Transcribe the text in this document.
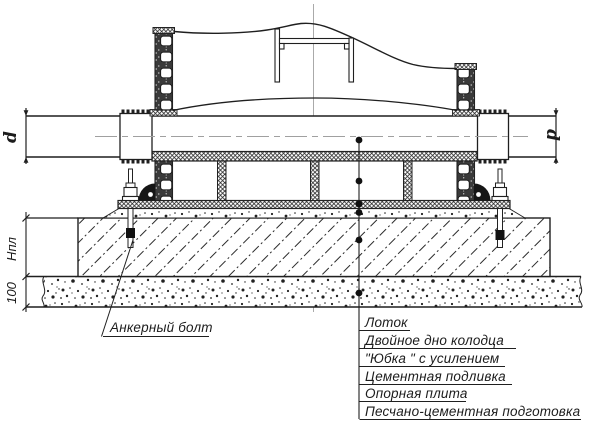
d	d
Нпл
100
Анкерный болт	Лоток
Двойное дно колодца
"Юбка " с усилением
Цементная подливка
Опорная плита
Песчано-цементная подготовка
